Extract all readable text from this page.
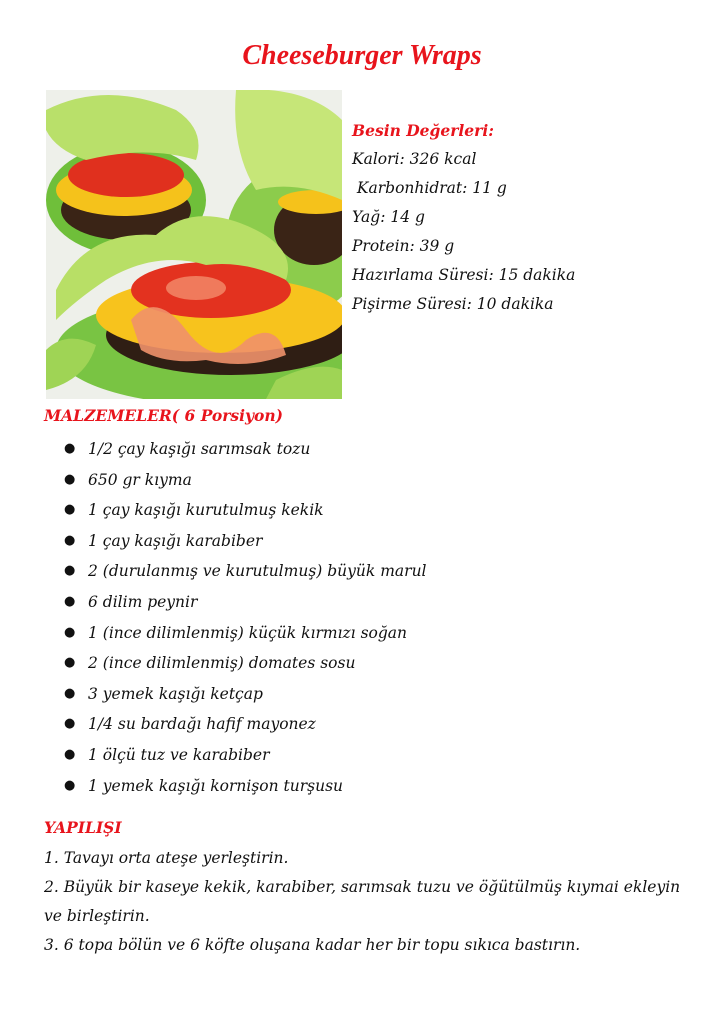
Cheeseburger Wraps
Besin Değerleri:
Kalori: 326 kcal
Karbonhidrat: 11 g
Yağ: 14 g
Protein: 39 g
Hazırlama Süresi: 15 dakika
Pişirme Süresi: 10 dakika
MALZEMELER( 6 Porsiyon)
● 1/2 çay kaşığı sarımsak tozu
● 650 gr kıyma
● 1 çay kaşığı kurutulmuş kekik
● 1 çay kaşığı karabiber
● 2 (durulanmış ve kurutulmuş) büyük marul
● 6 dilim peynir
● 1 (ince dilimlenmiş) küçük kırmızı soğan
● 2 (ince dilimlenmiş) domates sosu
● 3 yemek kaşığı ketçap
● 1/4 su bardağı hafif mayonez
● 1 ölçü tuz ve karabiber
● 1 yemek kaşığı kornişon turşusu
YAPILIŞI

1. Tavayı orta ateşe yerleştirin.

2. Büyük bir kaseye kekik, karabiber, sarımsak tuzu ve öğütülmüş kıymai ekleyin ve birleştirin.

3. 6 topa bölün ve 6 köfte oluşana kadar her bir topu sıkıca bastırın.
